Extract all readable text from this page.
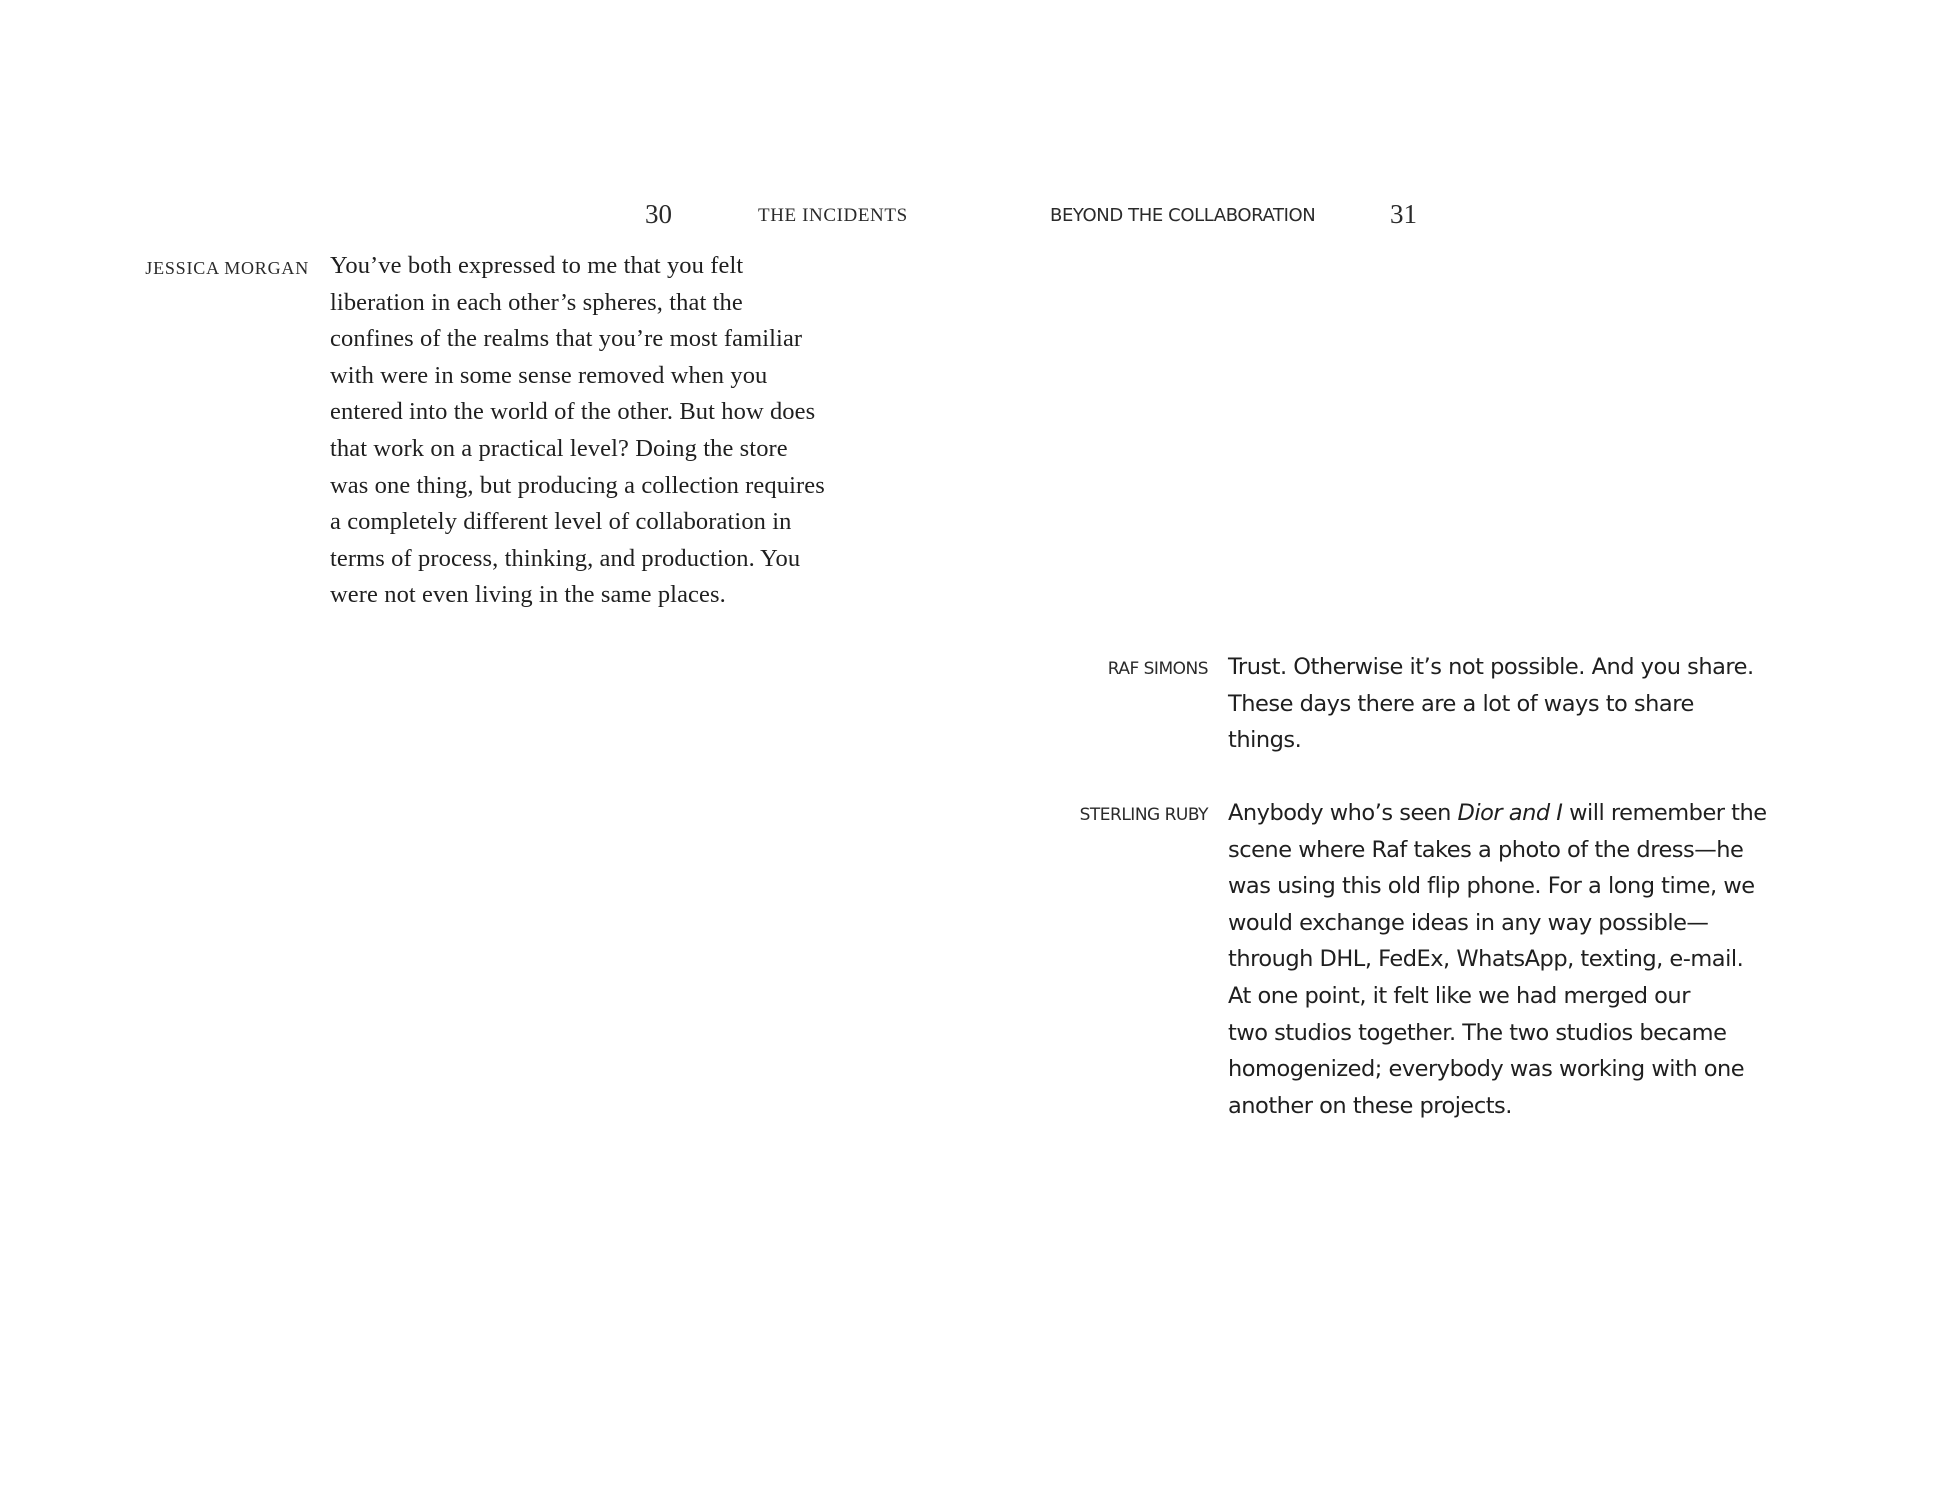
30	THE INCIDENTS
JESSICA MORGAN You’ve both expressed to me that you felt
liberation in each other’s spheres, that the
confines of the realms that you’re most familiar
with were in some sense removed when you
entered into the world of the other. But how does
that work on a practical level? Doing the store
was one thing, but producing a collection requires
a completely different level of collaboration in
terms of process, thinking, and production. You
were not even living in the same places.

BEYOND THE COLLABORATION	31
RAF SIMONS Trust. Otherwise it’s not possible. And you share.
These days there are a lot of ways to share
things.

STERLING RUBY Anybody who’s seen Dior and I will remember the
scene where Raf takes a photo of the dress—he
was using this old flip phone. For a long time, we
would exchange ideas in any way possible—
through DHL, FedEx, WhatsApp, texting, e-mail.
At one point, it felt like we had merged our
two studios together. The two studios became
homogenized; everybody was working with one
another on these projects.
